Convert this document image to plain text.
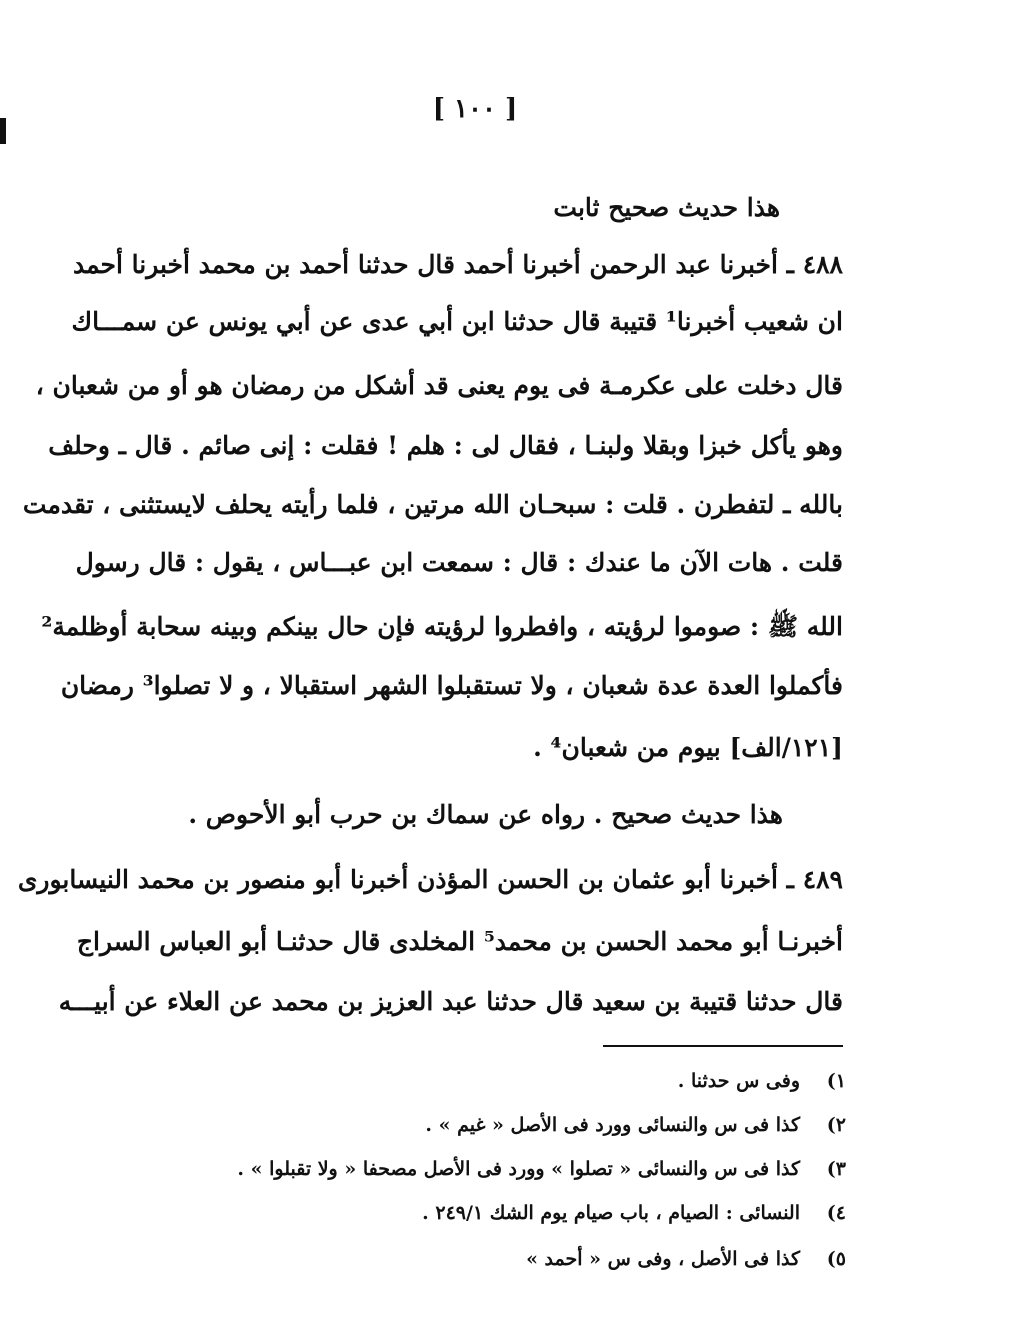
[ ١٠٠ ]
هذا حديث صحيح ثابت
٤٨٨ ـ أخبرنا عبد الرحمن أخبرنا أحمد قال حدثنا أحمد بن محمد أخبرنا أحمد
ان شعيب أخبرنا¹ قتيبة قال حدثنا ابن أبي عدى عن أبي يونس عن سمـــاك
قال دخلت على عكرمـة فى يوم يعنى قد أشكل من رمضان هو أو من شعبان ،
وهو يأكل خبزا وبقلا ولبنـا ، فقال لى : هلم ! فقلت : إنى صائم . قال ـ وحلف
بالله ـ لتفطرن . قلت : سبحـان الله مرتين ، فلما رأيته يحلف لايستثنى ، تقدمت
قلت . هات الآن ما عندك : قال : سمعت ابن عبـــاس ، يقول : قال رسول
الله ﷺ : صوموا لرؤيته ، وافطروا لرؤيته فإن حال بينكم وبينه سحابة أوظلمة²
فأكملوا العدة عدة شعبان ، ولا تستقبلوا الشهر استقبالا ، و لا تصلوا³ رمضان
[١٢١/الف] بيوم من شعبان⁴ .
هذا حديث صحيح . رواه عن سماك بن حرب أبو الأحوص .
٤٨٩ ـ أخبرنا أبو عثمان بن الحسن المؤذن أخبرنا أبو منصور بن محمد النيسابورى
أخبرنـا أبو محمد الحسن بن محمد⁵ المخلدى قال حدثنـا أبو العباس السراج
قال حدثنا قتيبة بن سعيد قال حدثنا عبد العزيز بن محمد عن العلاء عن أبيـــه
١)وفى س حدثنا .
٢)كذا فى س والنسائى وورد فى الأصل « غيم » .
٣)كذا فى س والنسائى « تصلوا » وورد فى الأصل مصحفا « ولا تقبلوا » .
٤)النسائى : الصيام ، باب صيام يوم الشك ٢٤٩/١ .
٥)كذا فى الأصل ، وفى س « أحمد »
